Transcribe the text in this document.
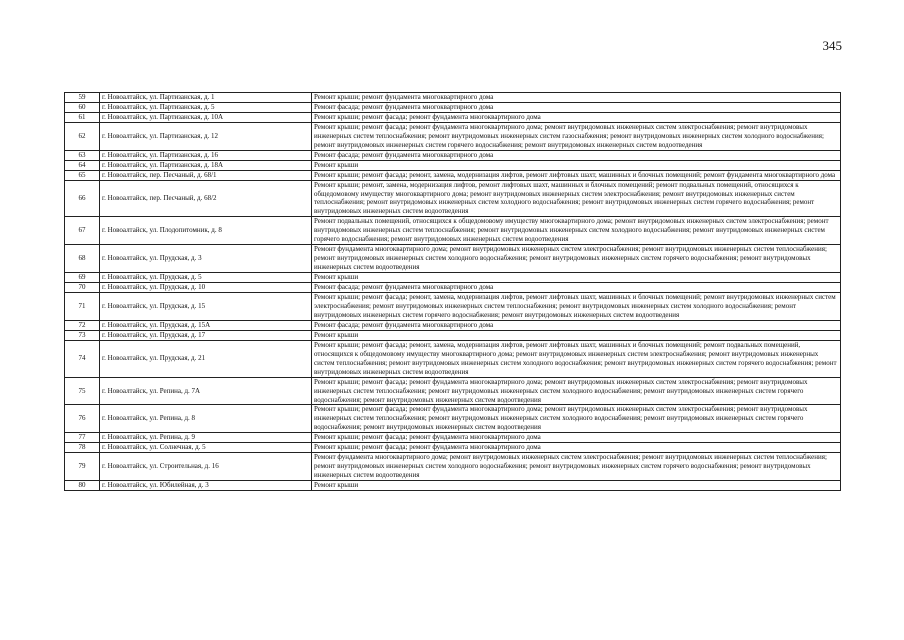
345
59	г. Новоалтайск, ул. Партизанская, д. 1	Ремонт крыши; ремонт фундамента многоквартирного дома
60	г. Новоалтайск, ул. Партизанская, д. 5	Ремонт фасада; ремонт фундамента многоквартирного дома
61	г. Новоалтайск, ул. Партизанская, д. 10А	Ремонт крыши; ремонт фасада; ремонт фундамента многоквартирного дома
62	г. Новоалтайск, ул. Партизанская, д. 12	Ремонт крыши; ремонт фасада; ремонт фундамента многоквартирного дома; ремонт внутридомовых инженерных систем электроснабжения; ремонт внутридомовых инженерных систем теплоснабжения; ремонт внутридомовых инженерных систем газоснабжения; ремонт внутридомовых инженерных систем холодного водоснабжения; ремонт внутридомовых инженерных систем горячего водоснабжения; ремонт внутридомовых инженерных систем водоотведения
63	г. Новоалтайск, ул. Партизанская, д. 16	Ремонт фасада; ремонт фундамента многоквартирного дома
64	г. Новоалтайск, ул. Партизанская, д. 18А	Ремонт крыши
65	г. Новоалтайск, пер. Песчаный, д. 68/1	Ремонт крыши; ремонт фасада; ремонт, замена, модернизация лифтов, ремонт лифтовых шахт, машинных и блочных помещений; ремонт фундамента многоквартирного дома
66	г. Новоалтайск, пер. Песчаный, д. 68/2	Ремонт крыши; ремонт, замена, модернизация лифтов, ремонт лифтовых шахт, машинных и блочных помещений; ремонт подвальных помещений, относящихся к общедомовому имуществу многоквартирного дома; ремонт внутридомовых инженерных систем электроснабжения; ремонт внутридомовых инженерных систем теплоснабжения; ремонт внутридомовых инженерных систем холодного водоснабжения; ремонт внутридомовых инженерных систем горячего водоснабжения; ремонт внутридомовых инженерных систем водоотведения
67	г. Новоалтайск, ул. Плодопитомник, д. 8	Ремонт подвальных помещений, относящихся к общедомовому имуществу многоквартирного дома; ремонт внутридомовых инженерных систем электроснабжения; ремонт внутридомовых инженерных систем теплоснабжения; ремонт внутридомовых инженерных систем холодного водоснабжения; ремонт внутридомовых инженерных систем горячего водоснабжения; ремонт внутридомовых инженерных систем водоотведения
68	г. Новоалтайск, ул. Прудская, д. 3	Ремонт фундамента многоквартирного дома; ремонт внутридомовых инженерных систем электроснабжения; ремонт внутридомовых инженерных систем теплоснабжения; ремонт внутридомовых инженерных систем холодного водоснабжения; ремонт внутридомовых инженерных систем горячего водоснабжения; ремонт внутридомовых инженерных систем водоотведения
69	г. Новоалтайск, ул. Прудская, д. 5	Ремонт крыши
70	г. Новоалтайск, ул. Прудская, д. 10	Ремонт фасада; ремонт фундамента многоквартирного дома
71	г. Новоалтайск, ул. Прудская, д. 15	Ремонт крыши; ремонт фасада; ремонт, замена, модернизация лифтов, ремонт лифтовых шахт, машинных и блочных помещений; ремонт внутридомовых инженерных систем электроснабжения; ремонт внутридомовых инженерных систем теплоснабжения; ремонт внутридомовых инженерных систем холодного водоснабжения; ремонт внутридомовых инженерных систем горячего водоснабжения; ремонт внутридомовых инженерных систем водоотведения
72	г. Новоалтайск, ул. Прудская, д. 15А	Ремонт фасада; ремонт фундамента многоквартирного дома
73	г. Новоалтайск, ул. Прудская, д. 17	Ремонт крыши
74	г. Новоалтайск, ул. Прудская, д. 21	Ремонт крыши; ремонт фасада; ремонт, замена, модернизация лифтов, ремонт лифтовых шахт, машинных и блочных помещений; ремонт подвальных помещений, относящихся к общедомовому имуществу многоквартирного дома; ремонт внутридомовых инженерных систем электроснабжения; ремонт внутридомовых инженерных систем теплоснабжения; ремонт внутридомовых инженерных систем холодного водоснабжения; ремонт внутридомовых инженерных систем горячего водоснабжения; ремонт внутридомовых инженерных систем водоотведения
75	г. Новоалтайск, ул. Репина, д. 7А	Ремонт крыши; ремонт фасада; ремонт фундамента многоквартирного дома; ремонт внутридомовых инженерных систем электроснабжения; ремонт внутридомовых инженерных систем теплоснабжения; ремонт внутридомовых инженерных систем холодного водоснабжения; ремонт внутридомовых инженерных систем горячего водоснабжения; ремонт внутридомовых инженерных систем водоотведения
76	г. Новоалтайск, ул. Репина, д. 8	Ремонт крыши; ремонт фасада; ремонт фундамента многоквартирного дома; ремонт внутридомовых инженерных систем электроснабжения; ремонт внутридомовых инженерных систем теплоснабжения; ремонт внутридомовых инженерных систем холодного водоснабжения; ремонт внутридомовых инженерных систем горячего водоснабжения; ремонт внутридомовых инженерных систем водоотведения
77	г. Новоалтайск, ул. Репина, д. 9	Ремонт крыши; ремонт фасада; ремонт фундамента многоквартирного дома
78	г. Новоалтайск, ул. Солнечная, д. 5	Ремонт крыши; ремонт фасада; ремонт фундамента многоквартирного дома
79	г. Новоалтайск, ул. Строительная, д. 16	Ремонт фундамента многоквартирного дома; ремонт внутридомовых инженерных систем электроснабжения; ремонт внутридомовых инженерных систем теплоснабжения; ремонт внутридомовых инженерных систем холодного водоснабжения; ремонт внутридомовых инженерных систем горячего водоснабжения; ремонт внутридомовых инженерных систем водоотведения
80	г. Новоалтайск, ул. Юбилейная, д. 3	Ремонт крыши
